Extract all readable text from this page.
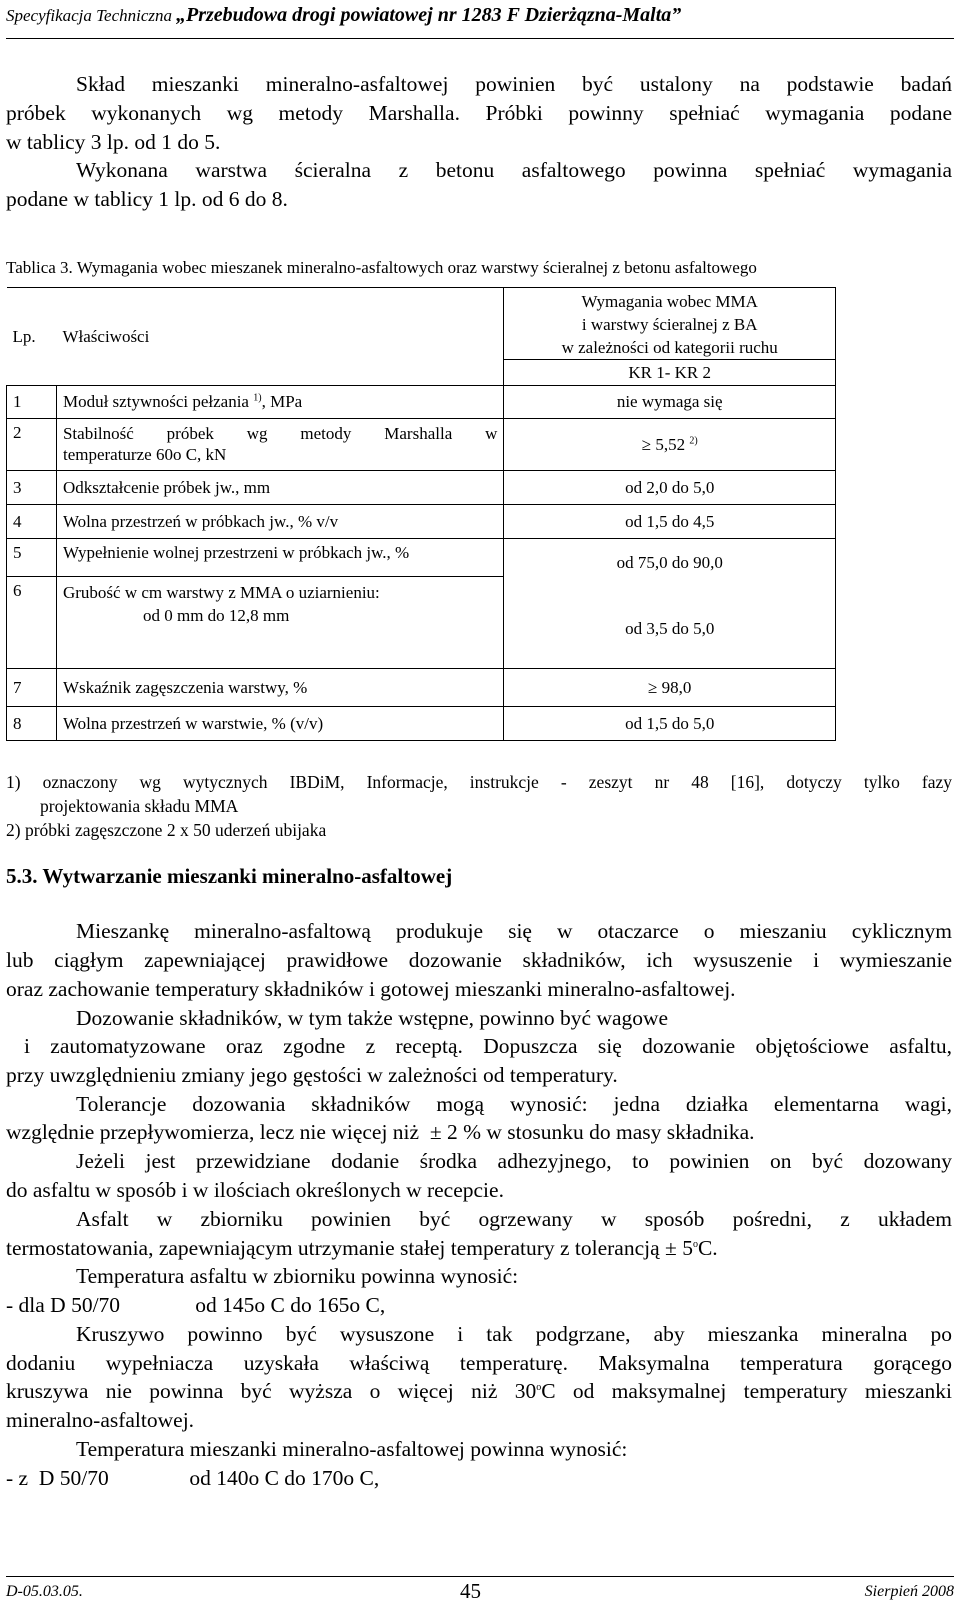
Specyfikacja Techniczna „Przebudowa drogi powiatowej nr 1283 F Dzierżązna-Malta”
Skład mieszanki mineralno-asfaltowej powinien być ustalony na podstawie badań
próbek wykonanych wg metody Marshalla. Próbki powinny spełniać wymagania podane
w tablicy 3 lp. od 1 do 5.
Wykonana warstwa ścieralna z betonu asfaltowego powinna spełniać wymagania
podane w tablicy 1 lp. od 6 do 8.
Tablica 3. Wymagania wobec mieszanek mineralno-asfaltowych oraz warstwy ścieralnej z betonu asfaltowego
Lp.	Właściwości	Wymagania wobec MMA
i warstwy ścieralnej z BA
w zależności od kategorii ruchu

		KR 1- KR 2
1	Moduł sztywności pełzania $^{1)}$, MPa	nie wymaga się
2	Stabilność próbek wg metody Marshalla w
temperaturze 60o C, kN	≥ 5,52 $^{2)}$
3	Odkształcenie próbek jw., mm	od 2,0 do 5,0
4	Wolna przestrzeń w próbkach jw., % v/v	od 1,5 do 4,5
5	Wypełnienie wolnej przestrzeni w próbkach jw., %	od 75,0 do 90,0
6	Grubość w cm warstwy z MMA o uziarnieniu:
od 0 mm do 12,8 mm	od 3,5 do 5,0
7	Wskaźnik zagęszczenia warstwy, %	≥ 98,0
8	Wolna przestrzeń w warstwie, % (v/v)	od 1,5 do 5,0
1) oznaczony wg wytycznych IBDiM, Informacje, instrukcje - zeszyt nr 48 [16], dotyczy tylko fazy
projektowania składu MMA
2) próbki zagęszczone 2 x 50 uderzeń ubijaka
5.3. Wytwarzanie mieszanki mineralno-asfaltowej
Mieszankę mineralno-asfaltową produkuje się w otaczarce o mieszaniu cyklicznym
lub ciągłym zapewniającej prawidłowe dozowanie składników, ich wysuszenie i wymieszanie
oraz zachowanie temperatury składników i gotowej mieszanki mineralno-asfaltowej.
Dozowanie składników, w tym także wstępne, powinno być wagowe
i zautomatyzowane oraz zgodne z receptą. Dopuszcza się dozowanie objętościowe asfaltu,
przy uwzględnieniu zmiany jego gęstości w zależności od temperatury.
Tolerancje  dozowania  składników  mogą  wynosić:  jedna  działka  elementarna  wagi,
względnie przepływomierza, lecz nie więcej niż  ± 2 % w stosunku do masy składnika.
Jeżeli jest przewidziane dodanie środka adhezyjnego, to powinien on być dozowany
do asfaltu w sposób i w ilościach określonych w recepcie.
Asfalt  w  zbiorniku  powinien  być  ogrzewany  w  sposób  pośredni,  z  układem
termostatowania, zapewniającym utrzymanie stałej temperatury z tolerancją ± $5^oC$.
Temperatura asfaltu w zbiorniku powinna wynosić:
- dla D 50/70              od 145o C do 165o C,
Kruszywo  powinno  być  wysuszone  i  tak  podgrzane,  aby  mieszanka  mineralna  po
dodaniu  wypełniacza  uzyskała  właściwą  temperaturę.  Maksymalna  temperatura  gorącego
kruszywa nie powinna być wyższa o więcej niż 30$^o$C od maksymalnej temperatury mieszanki
mineralno-asfaltowej.
Temperatura mieszanki mineralno-asfaltowej powinna wynosić:
- z  D 50/70               od 140o C do 170o C,
D-05.03.05.	45	Sierpień 2008
